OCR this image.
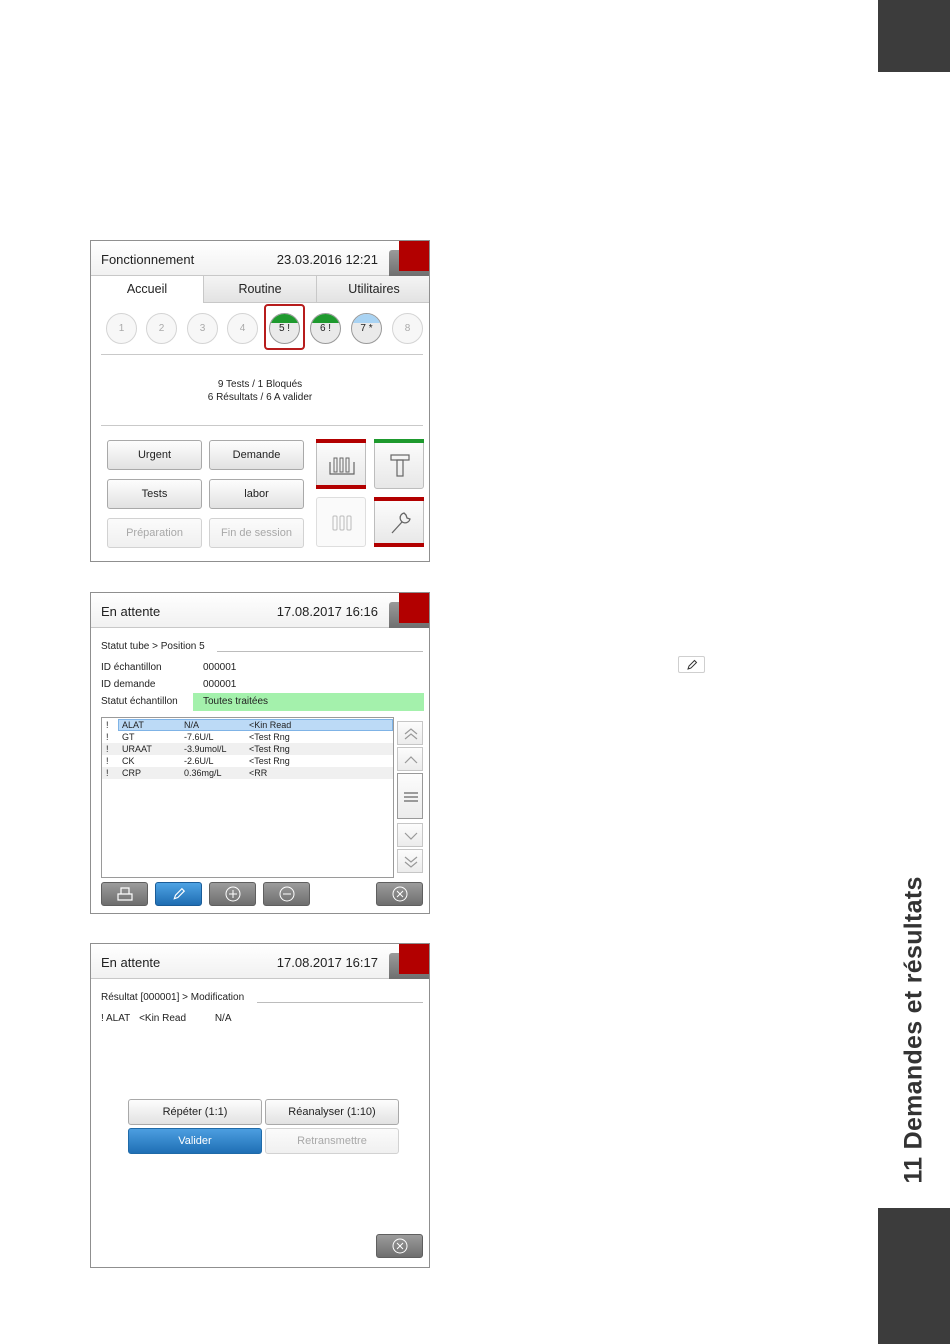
11 Demandes et résultats
Fonctionnement	23.03.2016 12:21
Accueil	Routine	Utilitaires
1	2	3	4	5 !	6 !	7 *	8
9 Tests / 1 Bloqués
6 Résultats / 6 A valider
Urgent	Demande
Tests	labor
Préparation	Fin de session
En attente	17.08.2017 16:16
Statut tube > Position 5
ID échantillon	000001
ID demande	000001
Statut échantillon	Toutes traitées
! ALAT	N/A	<Kin Read
! GT	-7.6U/L	<Test Rng
! URAAT	-3.9umol/L <Test Rng
! CK	-2.6U/L	<Test Rng
! CRP	0.36mg/L	<RR
En attente	17.08.2017 16:17
Résultat [000001] > Modification
! ALAT <Kin Read	N/A
Répéter (1:1)	Réanalyser (1:10)
Valider	Retransmettre
